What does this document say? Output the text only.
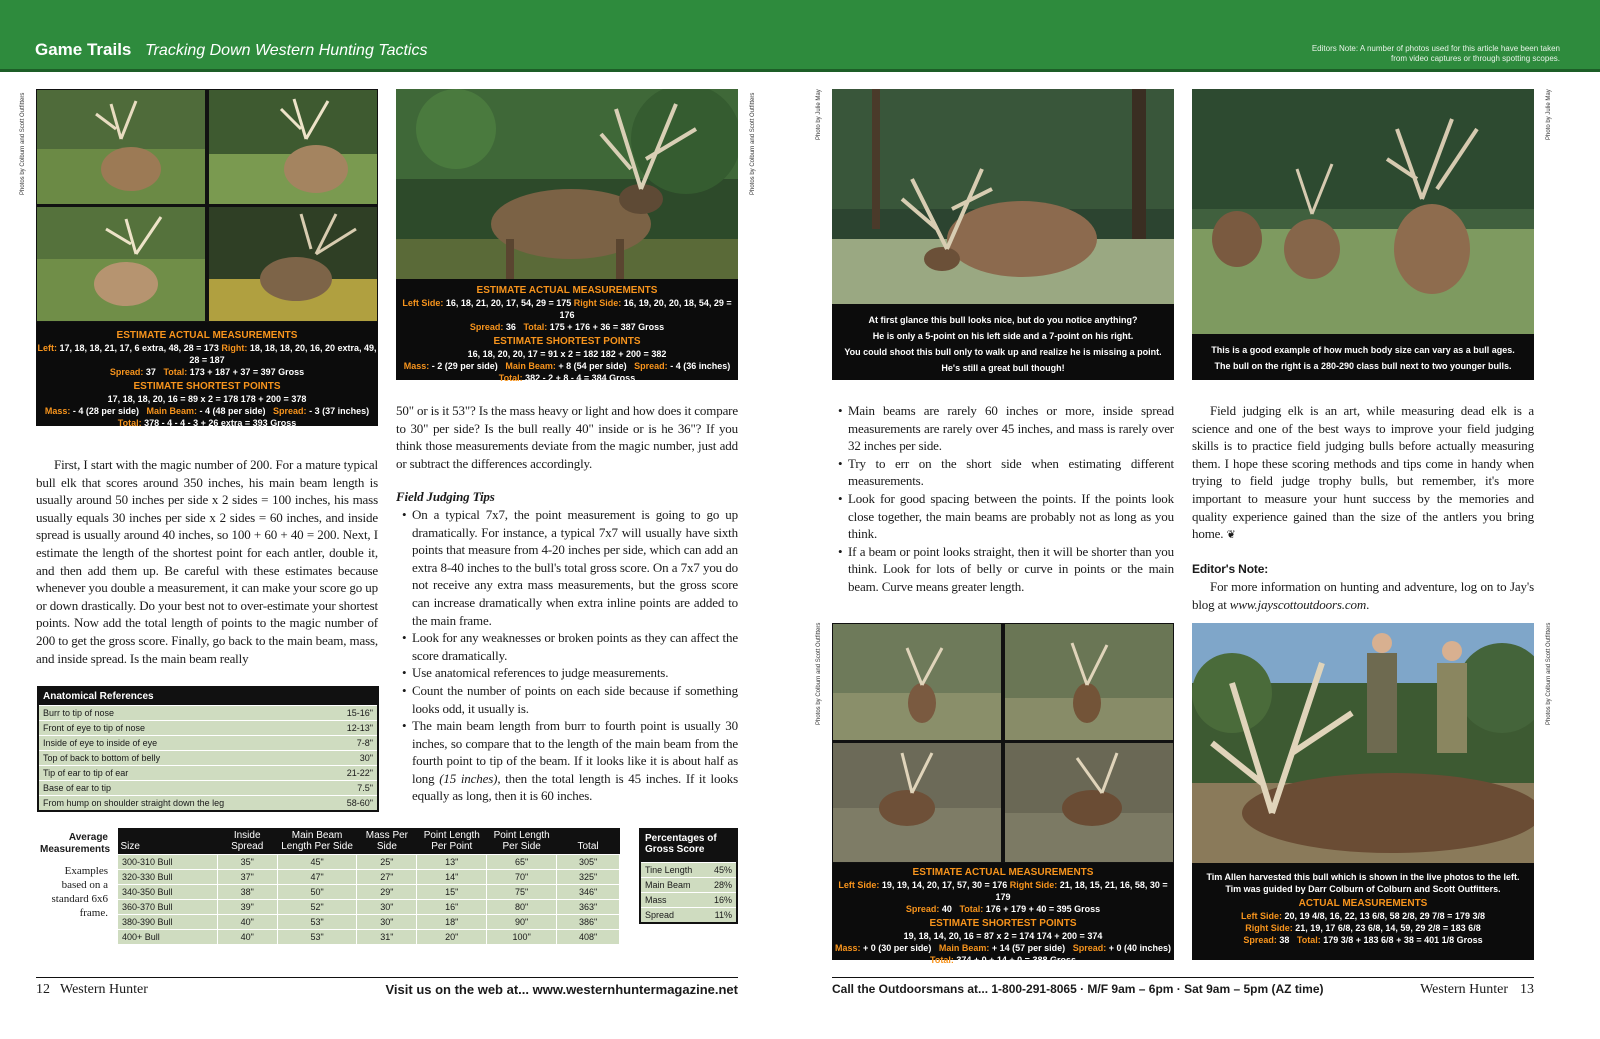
Game Trails Tracking Down Western Hunting Tactics	Editors Note: A number of photos used for this article have been taken from video captures or through spotting scopes.
ESTIMATE ACTUAL MEASUREMENTS
Left: 17, 18, 18, 21, 17, 6 extra, 48, 28 = 173 Right: 18, 18, 18, 20, 16, 20 extra, 49, 28 = 187
Spread: 37 Total: 173 + 187 + 37 = 397 Gross
ESTIMATE SHORTEST POINTS
17, 18, 18, 20, 16 = 89 x 2 = 178 178 + 200 = 378
Mass: - 4 (28 per side) Main Beam: - 4 (48 per side) Spread: - 3 (37 inches)
Total: 378 - 4 - 4 - 3 + 26 extra = 393 Gross
Photos by Colburn and Scott Outfitters
ESTIMATE ACTUAL MEASUREMENTS
Left Side: 16, 18, 21, 20, 17, 54, 29 = 175 Right Side: 16, 19, 20, 20, 18, 54, 29 = 176
Spread: 36 Total: 175 + 176 + 36 = 387 Gross
ESTIMATE SHORTEST POINTS
16, 18, 20, 20, 17 = 91 x 2 = 182 182 + 200 = 382
Mass: - 2 (29 per side) Main Beam: + 8 (54 per side) Spread: - 4 (36 inches)
Total: 382 - 2 + 8 - 4 = 384 Gross
Photos by Colburn and Scott Outfitters

First, I start with the magic number of 200. For a mature typical bull elk that scores around 350 inches, his main beam length is usually around 50 inches per side x 2 sides = 100 inches, his mass usually equals 30 inches per side x 2 sides = 60 inches, and inside spread is usually around 40 inches, so 100 + 60 + 40 = 200. Next, I estimate the length of the shortest point for each antler, double it, and then add them up. Be careful with these estimates because whenever you double a measurement, it can make your score go up or down drastically. Do your best not to over-estimate your shortest points. Now add the total length of points to the magic number of 200 to get the gross score. Finally, go back to the main beam, mass, and inside spread. Is the main beam really

50" or is it 53"? Is the mass heavy or light and how does it compare to 30" per side? Is the bull really 40" inside or is he 36"? If you think those measurements deviate from the magic number, just add or subtract the differences accordingly.

Field Judging Tips
• On a typical 7x7, the point measurement is going to go up dramatically. For instance, a typical 7x7 will usually have sixth points that measure from 4-20 inches per side, which can add an extra 8-40 inches to the bull's total gross score. On a 7x7 you do not receive any extra mass measurements, but the gross score can increase dramatically when extra inline points are added to the main frame.
• Look for any weaknesses or broken points as they can affect the score dramatically.
• Use anatomical references to judge measurements.
• Count the number of points on each side because if something looks odd, it usually is.
• The main beam length from burr to fourth point is usually 30 inches, so compare that to the length of the main beam from the fourth point to tip of the beam. If it looks like it is about half as long (15 inches), then the total length is 45 inches. If it looks equally as long, then it is 60 inches.
Anatomical References
Burr to tip of nose	15-16"
Front of eye to tip of nose	12-13"
Inside of eye to inside of eye	7-8"
Top of back to bottom of belly	30"
Tip of ear to tip of ear	21-22"
Base of ear to tip	7.5"
From hump on shoulder straight down the leg	58-60"
Average Measurements
Examples based on a standard 6x6 frame.
Size	Inside Spread	Main Beam Length Per Side	Mass Per Side	Point Length Per Point	Point Length Per Side	Total
300-310 Bull	35"	45"	25"	13"	65"	305"
320-330 Bull	37"	47"	27"	14"	70"	325"
340-350 Bull	38"	50"	29"	15"	75"	346"
360-370 Bull	39"	52"	30"	16"	80"	363"
380-390 Bull	40"	53"	30"	18"	90"	386"
400+ Bull	40"	53"	31"	20"	100"	408"
Percentages of Gross Score
Tine Length 45%
Main Beam	28%
Mass	16%
Spread	11%
12 Western Hunter	Visit us on the web at... www.westernhuntermagazine.net
At first glance this bull looks nice, but do you notice anything?
He is only a 5-point on his left side and a 7-point on his right.
You could shoot this bull only to walk up and realize he is missing a point.
He's still a great bull though!
Photo by Julie May
This is a good example of how much body size can vary as a bull ages.
The bull on the right is a 280-290 class bull next to two younger bulls.
Photo by Julie May
• Main beams are rarely 60 inches or more, inside spread measurements are rarely over 45 inches, and mass is rarely over 32 inches per side.
• Try to err on the short side when estimating different measurements.
• Look for good spacing between the points. If the points look close together, the main beams are probably not as long as you think.
• If a beam or point looks straight, then it will be shorter than you think. Look for lots of belly or curve in points or the main beam. Curve means greater length.

Field judging elk is an art, while measuring dead elk is a science and one of the best ways to improve your field judging skills is to practice field judging bulls before actually measuring them. I hope these scoring methods and tips come in handy when trying to field judge trophy bulls, but remember, it's more important to measure your hunt success by the memories and quality experience gained than the size of the antlers you bring home. ❦

Editor's Note:

For more information on hunting and adventure, log on to Jay's blog at www.jayscottoutdoors.com.

ESTIMATE ACTUAL MEASUREMENTS
Left Side: 19, 19, 14, 20, 17, 57, 30 = 176 Right Side: 21, 18, 15, 21, 16, 58, 30 = 179
Spread: 40 Total: 176 + 179 + 40 = 395 Gross
ESTIMATE SHORTEST POINTS
19, 18, 14, 20, 16 = 87 x 2 = 174 174 + 200 = 374
Mass: + 0 (30 per side) Main Beam: + 14 (57 per side) Spread: + 0 (40 inches)
Total: 374 + 0 + 14 + 0 = 388 Gross
Photos by Colburn and Scott Outfitters
Tim Allen harvested this bull which is shown in the live photos to the left.
Tim was guided by Darr Colburn of Colburn and Scott Outfitters.
ACTUAL MEASUREMENTS
Left Side: 20, 19 4/8, 16, 22, 13 6/8, 58 2/8, 29 7/8 = 179 3/8
Right Side: 21, 19, 17 6/8, 23 6/8, 14, 59, 29 2/8 = 183 6/8
Spread: 38 Total: 179 3/8 + 183 6/8 + 38 = 401 1/8 Gross
Photos by Colburn and Scott Outfitters
Call the Outdoorsmans at... 1-800-291-8065 · M/F 9am – 6pm · Sat 9am – 5pm (AZ time)	Western Hunter 13
